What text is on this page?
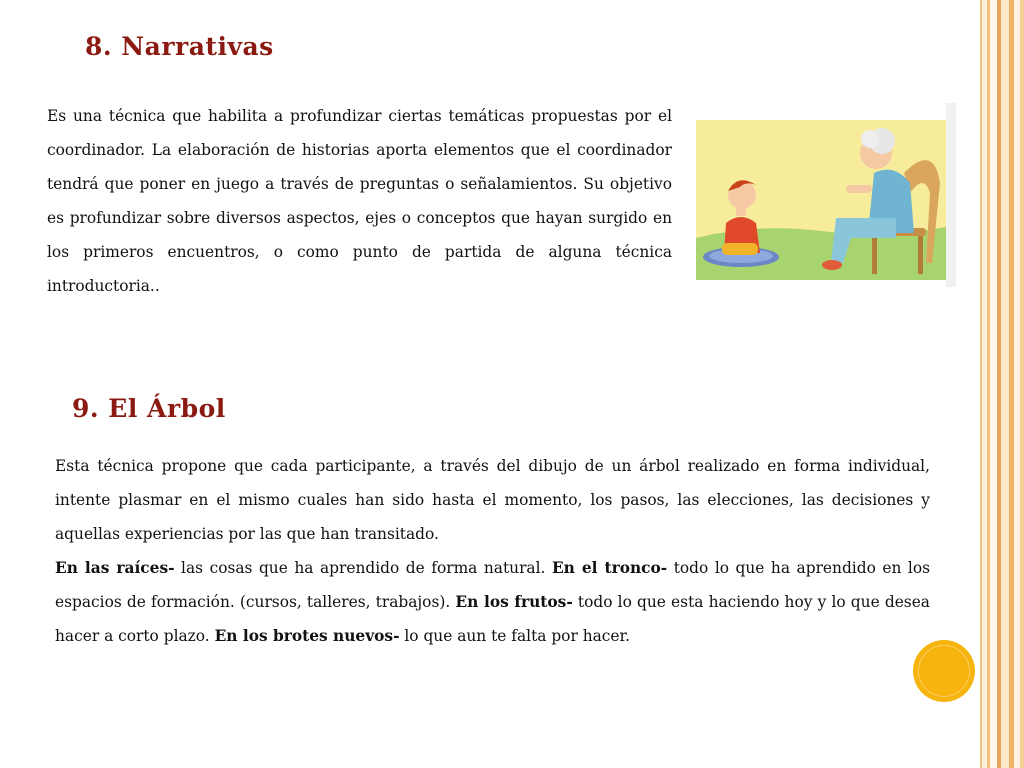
8. Narrativas

Es una técnica que habilita a profundizar ciertas temáticas propuestas por el coordinador. La elaboración de historias aporta elementos que el coordinador tendrá que poner en juego a través de preguntas o señalamientos. Su objetivo es profundizar sobre diversos aspectos, ejes o conceptos que hayan surgido en los primeros encuentros, o como punto de partida de alguna técnica introductoria..

9. El Árbol

Esta técnica propone que cada participante, a través del dibujo de un árbol realizado en forma individual, intente plasmar en el mismo cuales han sido hasta el momento, los pasos, las elecciones, las decisiones y aquellas experiencias por las que han transitado.

En las raíces- las cosas que ha aprendido de forma natural. En el tronco- todo lo que ha aprendido en los espacios de formación. (cursos, talleres, trabajos). En los frutos- todo lo que esta haciendo hoy y lo que desea hacer a corto plazo. En los brotes nuevos- lo que aun te falta por hacer.
